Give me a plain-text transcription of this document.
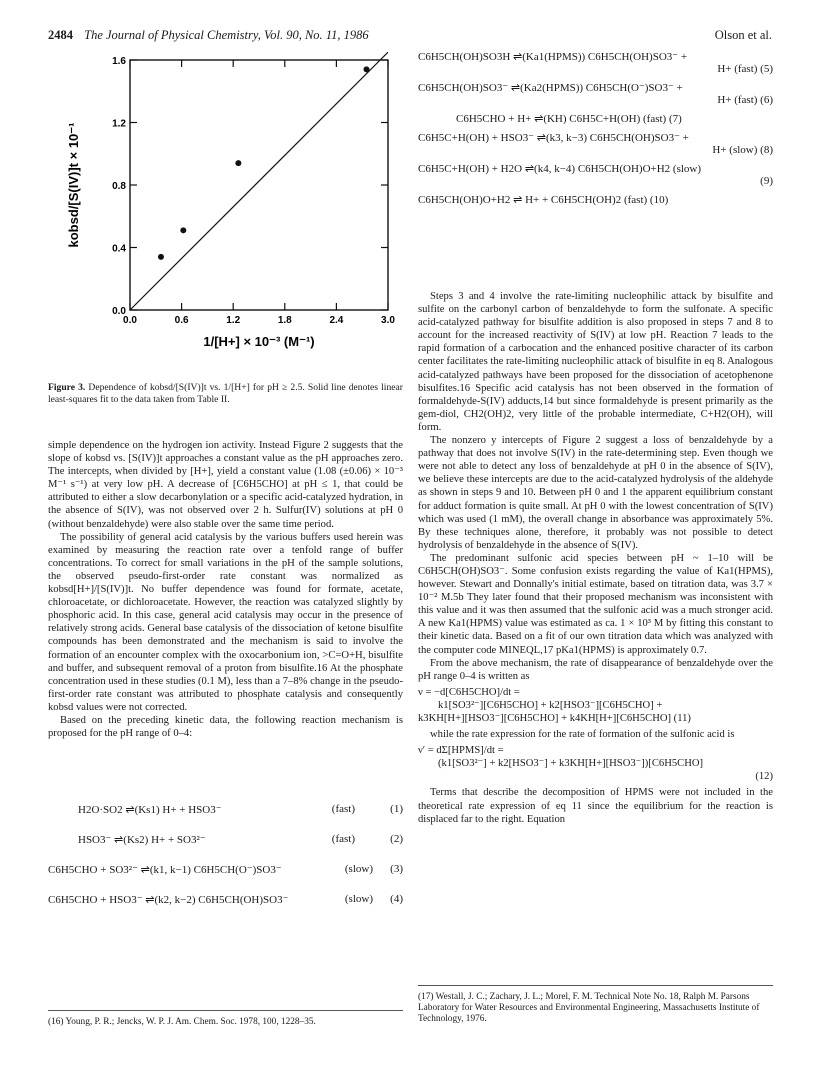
2484 The Journal of Physical Chemistry, Vol. 90, No. 11, 1986	Olson et al.
0.0	0.6	1.2	1.8	2.4	3.0
0.0
0.4
0.8
1.2
1.6
1/[H+] × 10⁻³ (M⁻¹)
kobsd/[S(IV)]t × 10⁻¹
Figure 3. Dependence of kobsd/[S(IV)]t vs. 1/[H+] for pH ≥ 2.5. Solid line denotes linear least-squares fit to the data taken from Table II.

simple dependence on the hydrogen ion activity. Instead Figure 2 suggests that the slope of kobsd vs. [S(IV)]t approaches a constant value as the pH approaches zero. The intercepts, when divided by [H+], yield a constant value (1.08 (±0.06) × 10⁻³ M⁻¹ s⁻¹) at very low pH. A decrease of [C6H5CHO] at pH ≤ 1, that could be attributed to either a slow decarbonylation or a specific acid-catalyzed hydration, in the absence of S(IV), was not observed over 2 h. Sulfur(IV) solutions at pH 0 (without benzaldehyde) were also stable over the same time period.

The possibility of general acid catalysis by the various buffers used herein was examined by measuring the reaction rate over a tenfold range of buffer concentrations. To correct for small variations in the pH of the sample solutions, the observed pseudo-first-order rate constant was normalized as kobsd[H+]/[S(IV)]t. No buffer dependence was found for formate, acetate, chloroacetate, or dichloroacetate. However, the reaction was catalyzed slightly by phosphoric acid. In this case, general acid catalysis may occur in the presence of relatively strong acids. General base catalysis of the dissociation of ketone bisulfite compounds has been demonstrated and the mechanism is said to involve the formation of an encounter complex with the oxocarbonium ion, >C=O+H, bisulfite and buffer, and subsequent removal of a proton from bisulfite.16 At the phosphate concentration used in these studies (0.1 M), less than a 7–8% change in the pseudo-first-order rate constant was attributed to phosphate catalysis and consequently kobsd values were not corrected.

Based on the preceding kinetic data, the following reaction mechanism is proposed for the pH range of 0–4:

H2O·SO2 ⇌(Ks1) H+ + HSO3⁻	(fast)	(1)
HSO3⁻ ⇌(Ks2) H+ + SO3²⁻	(fast)	(2)
C6H5CHO + SO3²⁻ ⇌(k1, k−1) C6H5CH(O⁻)SO3⁻	(slow) (3)
C6H5CHO + HSO3⁻ ⇌(k2, k−2) C6H5CH(OH)SO3⁻	(slow) (4)
(16) Young, P. R.; Jencks, W. P. J. Am. Chem. Soc. 1978, 100, 1228–35.
C6H5CH(OH)SO3H ⇌(Ka1(HPMS)) C6H5CH(OH)SO3⁻ +
H+ (fast) (5)
C6H5CH(OH)SO3⁻ ⇌(Ka2(HPMS)) C6H5CH(O⁻)SO3⁻ +
H+ (fast) (6)
C6H5CHO + H+ ⇌(KH) C6H5C+H(OH) (fast) (7)
C6H5C+H(OH) + HSO3⁻ ⇌(k3, k−3) C6H5CH(OH)SO3⁻ +
H+ (slow) (8)
C6H5C+H(OH) + H2O ⇌(k4, k−4) C6H5CH(OH)O+H2 (slow)
(9)
C6H5CH(OH)O+H2 ⇌ H+ + C6H5CH(OH)2 (fast) (10)

Steps 3 and 4 involve the rate-limiting nucleophilic attack by bisulfite and sulfite on the carbonyl carbon of benzaldehyde to form the sulfonate. A specific acid-catalyzed pathway for bisulfite addition is also proposed in steps 7 and 8 to account for the increased reactivity of S(IV) at low pH. Reaction 7 leads to the rapid formation of a carbocation and the enhanced positive character of its carbon center facilitates the rate-limiting nucleophilic attack of bisulfite in eq 8. Analogous acid-catalyzed pathways have been proposed for the dissociation of acetophenone bisulfites.16 Specific acid catalysis has not been observed in the formation of formaldehyde-S(IV) adducts,14 but since formaldehyde is present primarily as the gem-diol, CH2(OH)2, very little of the probable intermediate, C+H2(OH), will form.

The nonzero y intercepts of Figure 2 suggest a loss of benzaldehyde by a pathway that does not involve S(IV) in the rate-determining step. Even though we were not able to detect any loss of benzaldehyde at pH 0 in the absence of S(IV), we believe these intercepts are due to the acid-catalyzed hydrolysis of the aldehyde as shown in steps 9 and 10. Between pH 0 and 1 the apparent equilibrium constant for adduct formation is quite small. At pH 0 with the lowest concentration of S(IV) which was used (1 mM), the overall change in absorbance was approximately 5%. By these techniques alone, therefore, it probably was not possible to detect hydrolysis of benzaldehyde in the absence of S(IV).

The predominant sulfonic acid species between pH ~ 1–10 will be C6H5CH(OH)SO3⁻. Some confusion exists regarding the value of Ka1(HPMS), however. Stewart and Donnally's initial estimate, based on titration data, was 3.7 × 10⁻² M.5b They later found that their proposed mechanism was inconsistent with this value and it was then assumed that the sulfonic acid was a much stronger acid. A new Ka1(HPMS) value was estimated as ca. 1 × 10³ M by fitting this constant to their kinetic data. Based on a fit of our own titration data which was analyzed with the computer code MINEQL,17 pKa1(HPMS) is approximately 0.7.

From the above mechanism, the rate of disappearance of benzaldehyde over the pH range 0–4 is written as

ν = −d[C6H5CHO]/dt =
k1[SO3²⁻][C6H5CHO] + k2[HSO3⁻][C6H5CHO] +
k3KH[H+][HSO3⁻][C6H5CHO] + k4KH[H+][C6H5CHO] (11)

while the rate expression for the rate of formation of the sulfonic acid is

ν′ = dΣ[HPMS]/dt =
(k1[SO3²⁻] + k2[HSO3⁻] + k3KH[H+][HSO3⁻])[C6H5CHO]
(12)

Terms that describe the decomposition of HPMS were not included in the theoretical rate expression of eq 11 since the equilibrium for the reaction is displaced far to the right. Equation

(17) Westall, J. C.; Zachary, J. L.; Morel, F. M. Technical Note No. 18, Ralph M. Parsons Laboratory for Water Resources and Environmental Engineering, Massachusetts Institute of Technology, 1976.
